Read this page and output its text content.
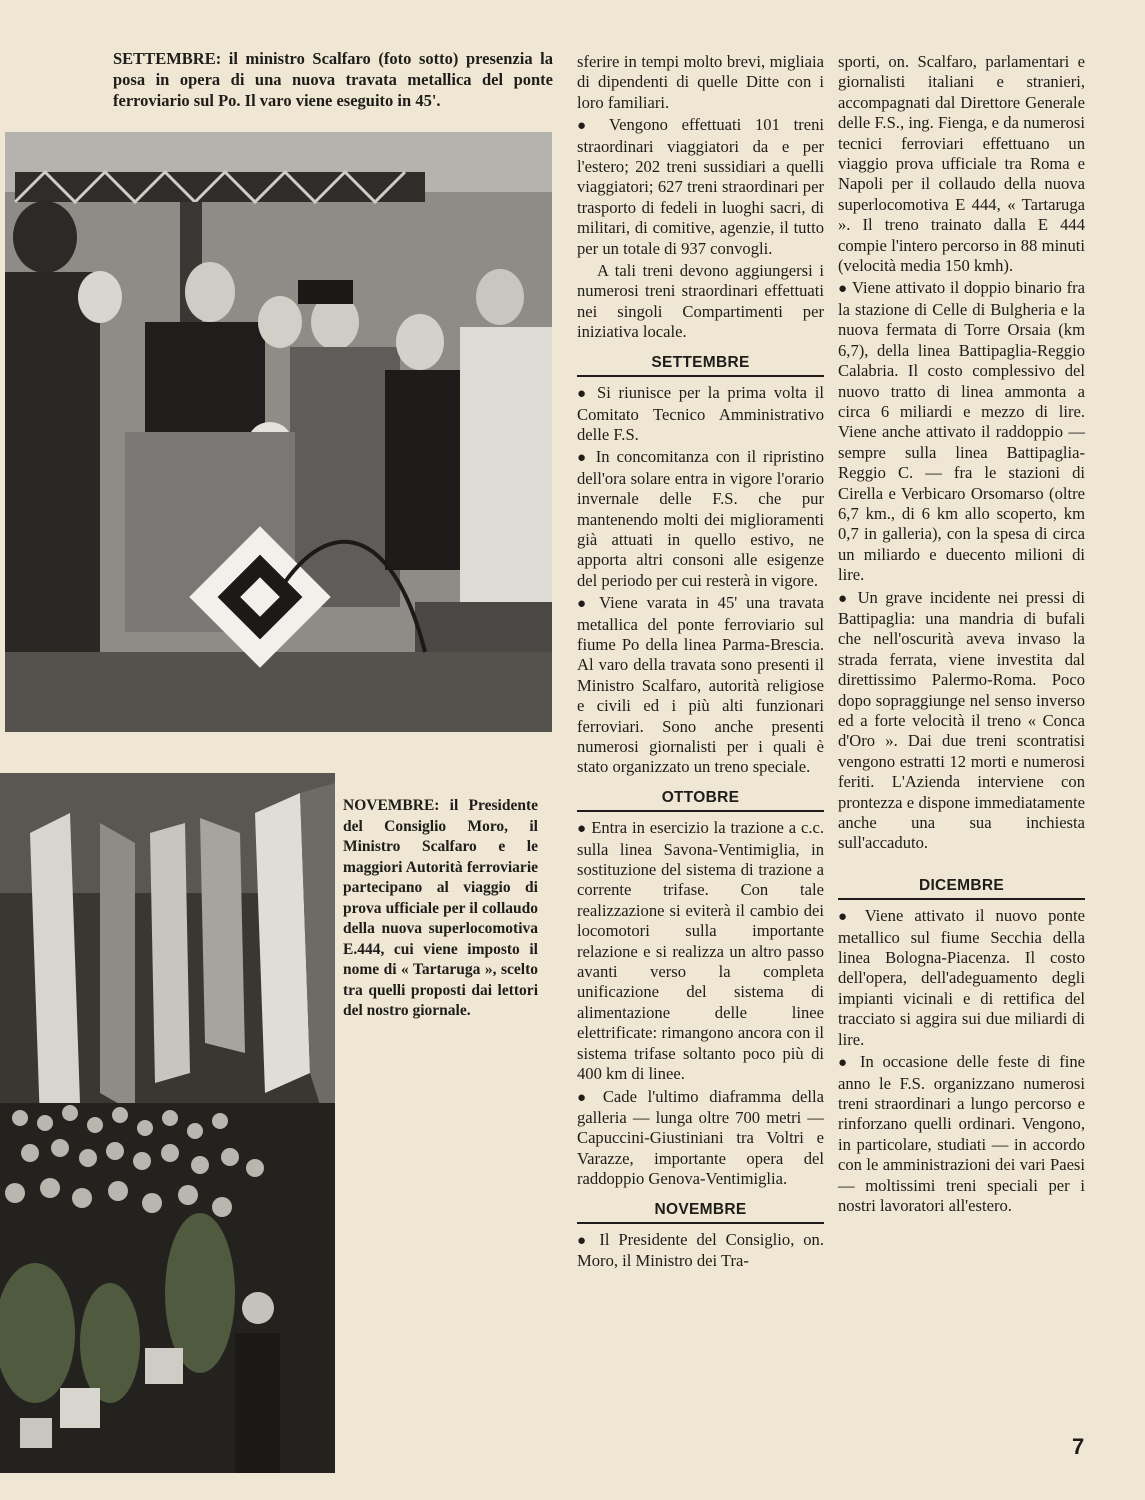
SETTEMBRE: il ministro Scalfaro (foto sotto) presenzia la posa in opera di una nuova travata metallica del ponte ferroviario sul Po. Il varo viene eseguito in 45'.

NOVEMBRE: il Presidente del Consiglio Moro, il Ministro Scalfaro e le maggiori Autorità ferroviarie partecipano al viaggio di prova ufficiale per il collaudo della nuova superlocomotiva E.444, cui viene imposto il nome di « Tartaruga », scelto tra quelli proposti dai lettori del nostro giornale.

sferire in tempi molto brevi, migliaia di dipendenti di quelle Ditte con i loro familiari.

● Vengono effettuati 101 treni straordinari viaggiatori da e per l'estero; 202 treni sussidiari a quelli viaggiatori; 627 treni straordinari per trasporto di fedeli in luoghi sacri, di militari, di comitive, agenzie, il tutto per un totale di 937 convogli.

A tali treni devono aggiungersi i numerosi treni straordinari effettuati nei singoli Compartimenti per iniziativa locale.

SETTEMBRE

● Si riunisce per la prima volta il Comitato Tecnico Amministrativo delle F.S.

● In concomitanza con il ripristino dell'ora solare entra in vigore l'orario invernale delle F.S. che pur mantenendo molti dei miglioramenti già attuati in quello estivo, ne apporta altri consoni alle esigenze del periodo per cui resterà in vigore.

● Viene varata in 45' una travata metallica del ponte ferroviario sul fiume Po della linea Parma-Brescia. Al varo della travata sono presenti il Ministro Scalfaro, autorità religiose e civili ed i più alti funzionari ferroviari. Sono anche presenti numerosi giornalisti per i quali è stato organizzato un treno speciale.

OTTOBRE

● Entra in esercizio la trazione a c.c. sulla linea Savona-Ventimiglia, in sostituzione del sistema di trazione a corrente trifase. Con tale realizzazione si eviterà il cambio dei locomotori sulla importante relazione e si realizza un altro passo avanti verso la completa unificazione del sistema di alimentazione delle linee elettrificate: rimangono ancora con il sistema trifase soltanto poco più di 400 km di linee.

● Cade l'ultimo diaframma della galleria — lunga oltre 700 metri — Capuccini-Giustiniani tra Voltri e Varazze, importante opera del raddoppio Genova-Ventimiglia.

NOVEMBRE

● Il Presidente del Consiglio, on. Moro, il Ministro dei Tra-

sporti, on. Scalfaro, parlamentari e giornalisti italiani e stranieri, accompagnati dal Direttore Generale delle F.S., ing. Fienga, e da numerosi tecnici ferroviari effettuano un viaggio prova ufficiale tra Roma e Napoli per il collaudo della nuova superlocomotiva E 444, « Tartaruga ». Il treno trainato dalla E 444 compie l'intero percorso in 88 minuti (velocità media 150 kmh).

● Viene attivato il doppio binario fra la stazione di Celle di Bulgheria e la nuova fermata di Torre Orsaia (km 6,7), della linea Battipaglia-Reggio Calabria. Il costo complessivo del nuovo tratto di linea ammonta a circa 6 miliardi e mezzo di lire. Viene anche attivato il raddoppio — sempre sulla linea Battipaglia-Reggio C. — fra le stazioni di Cirella e Verbicaro Orsomarso (oltre 6,7 km., di 6 km allo scoperto, km 0,7 in galleria), con la spesa di circa un miliardo e duecento milioni di lire.

● Un grave incidente nei pressi di Battipaglia: una mandria di bufali che nell'oscurità aveva invaso la strada ferrata, viene investita dal direttissimo Palermo-Roma. Poco dopo sopraggiunge nel senso inverso ed a forte velocità il treno « Conca d'Oro ». Dai due treni scontratisi vengono estratti 12 morti e numerosi feriti. L'Azienda interviene con prontezza e dispone immediatamente anche una sua inchiesta sull'accaduto.

DICEMBRE

● Viene attivato il nuovo ponte metallico sul fiume Secchia della linea Bologna-Piacenza. Il costo dell'opera, dell'adeguamento degli impianti vicinali e di rettifica del tracciato si aggira sui due miliardi di lire.

● In occasione delle feste di fine anno le F.S. organizzano numerosi treni straordinari a lungo percorso e rinforzano quelli ordinari. Vengono, in particolare, studiati — in accordo con le amministrazioni dei vari Paesi — moltissimi treni speciali per i nostri lavoratori all'estero.

7
